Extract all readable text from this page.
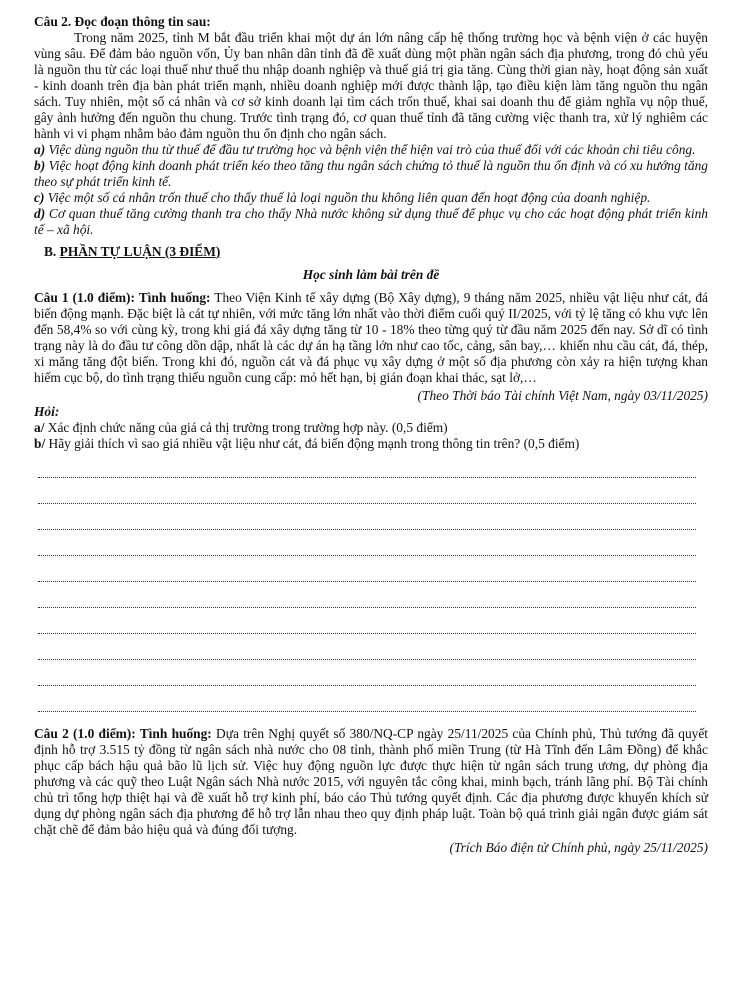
Câu 2. Đọc đoạn thông tin sau:

Trong năm 2025, tỉnh M bắt đầu triển khai một dự án lớn nâng cấp hệ thống trường học và bệnh viện ở các huyện vùng sâu. Để đảm bảo nguồn vốn, Ủy ban nhân dân tỉnh đã đề xuất dùng một phần ngân sách địa phương, trong đó chủ yếu là nguồn thu từ các loại thuế như thuế thu nhập doanh nghiệp và thuế giá trị gia tăng. Cùng thời gian này, hoạt động sản xuất - kinh doanh trên địa bàn phát triển mạnh, nhiều doanh nghiệp mới được thành lập, tạo điều kiện làm tăng nguồn thu ngân sách. Tuy nhiên, một số cá nhân và cơ sở kinh doanh lại tìm cách trốn thuế, khai sai doanh thu để giảm nghĩa vụ nộp thuế, gây ảnh hưởng đến nguồn thu chung. Trước tình trạng đó, cơ quan thuế tỉnh đã tăng cường việc thanh tra, xử lý nghiêm các hành vi vi phạm nhằm bảo đảm nguồn thu ổn định cho ngân sách.

a) Việc dùng nguồn thu từ thuế để đầu tư trường học và bệnh viện thể hiện vai trò của thuế đối với các khoản chi tiêu công.

b) Việc hoạt động kinh doanh phát triển kéo theo tăng thu ngân sách chứng tỏ thuế là nguồn thu ổn định và có xu hướng tăng theo sự phát triển kinh tế.

c) Việc một số cá nhân trốn thuế cho thấy thuế là loại nguồn thu không liên quan đến hoạt động của doanh nghiệp.

d) Cơ quan thuế tăng cường thanh tra cho thấy Nhà nước không sử dụng thuế để phục vụ cho các hoạt động phát triển kinh tế – xã hội.

B. PHẦN TỰ LUẬN (3 ĐIỂM)

Học sinh làm bài trên đề

Câu 1 (1.0 điểm): Tình huống: Theo Viện Kinh tế xây dựng (Bộ Xây dựng), 9 tháng năm 2025, nhiều vật liệu như cát, đá biến động mạnh. Đặc biệt là cát tự nhiên, với mức tăng lớn nhất vào thời điểm cuối quý II/2025, với tỷ lệ tăng có khu vực lên đến 58,4% so với cùng kỳ, trong khi giá đá xây dựng tăng từ 10 - 18% theo từng quý từ đầu năm 2025 đến nay. Sở dĩ có tình trạng này là do đầu tư công dồn dập, nhất là các dự án hạ tầng lớn như cao tốc, cảng, sân bay,… khiến nhu cầu cát, đá, thép, xi măng tăng đột biến. Trong khi đó, nguồn cát và đá phục vụ xây dựng ở một số địa phương còn xảy ra hiện tượng khan hiếm cục bộ, do tình trạng thiếu nguồn cung cấp: mỏ hết hạn, bị gián đoạn khai thác, sạt lở,…

(Theo Thời báo Tài chính Việt Nam, ngày 03/11/2025)

Hỏi:

a/ Xác định chức năng của giá cả thị trường trong trường hợp này. (0,5 điểm)

b/ Hãy giải thích vì sao giá nhiều vật liệu như cát, đá biến động mạnh trong thông tin trên? (0,5 điểm)

Câu 2 (1.0 điểm): Tình huống: Dựa trên Nghị quyết số 380/NQ-CP ngày 25/11/2025 của Chính phủ, Thủ tướng đã quyết định hỗ trợ 3.515 tỷ đồng từ ngân sách nhà nước cho 08 tỉnh, thành phố miền Trung (từ Hà Tĩnh đến Lâm Đồng) để khắc phục cấp bách hậu quả bão lũ lịch sử. Việc huy động nguồn lực được thực hiện từ ngân sách trung ương, dự phòng địa phương và các quỹ theo Luật Ngân sách Nhà nước 2015, với nguyên tắc công khai, minh bạch, tránh lãng phí. Bộ Tài chính chủ trì tổng hợp thiệt hại và đề xuất hỗ trợ kinh phí, báo cáo Thủ tướng quyết định. Các địa phương được khuyến khích sử dụng dự phòng ngân sách địa phương để hỗ trợ lẫn nhau theo quy định pháp luật. Toàn bộ quá trình giải ngân được giám sát chặt chẽ để đảm bảo hiệu quả và đúng đối tượng.

(Trích Báo điện tử Chính phủ, ngày 25/11/2025)
